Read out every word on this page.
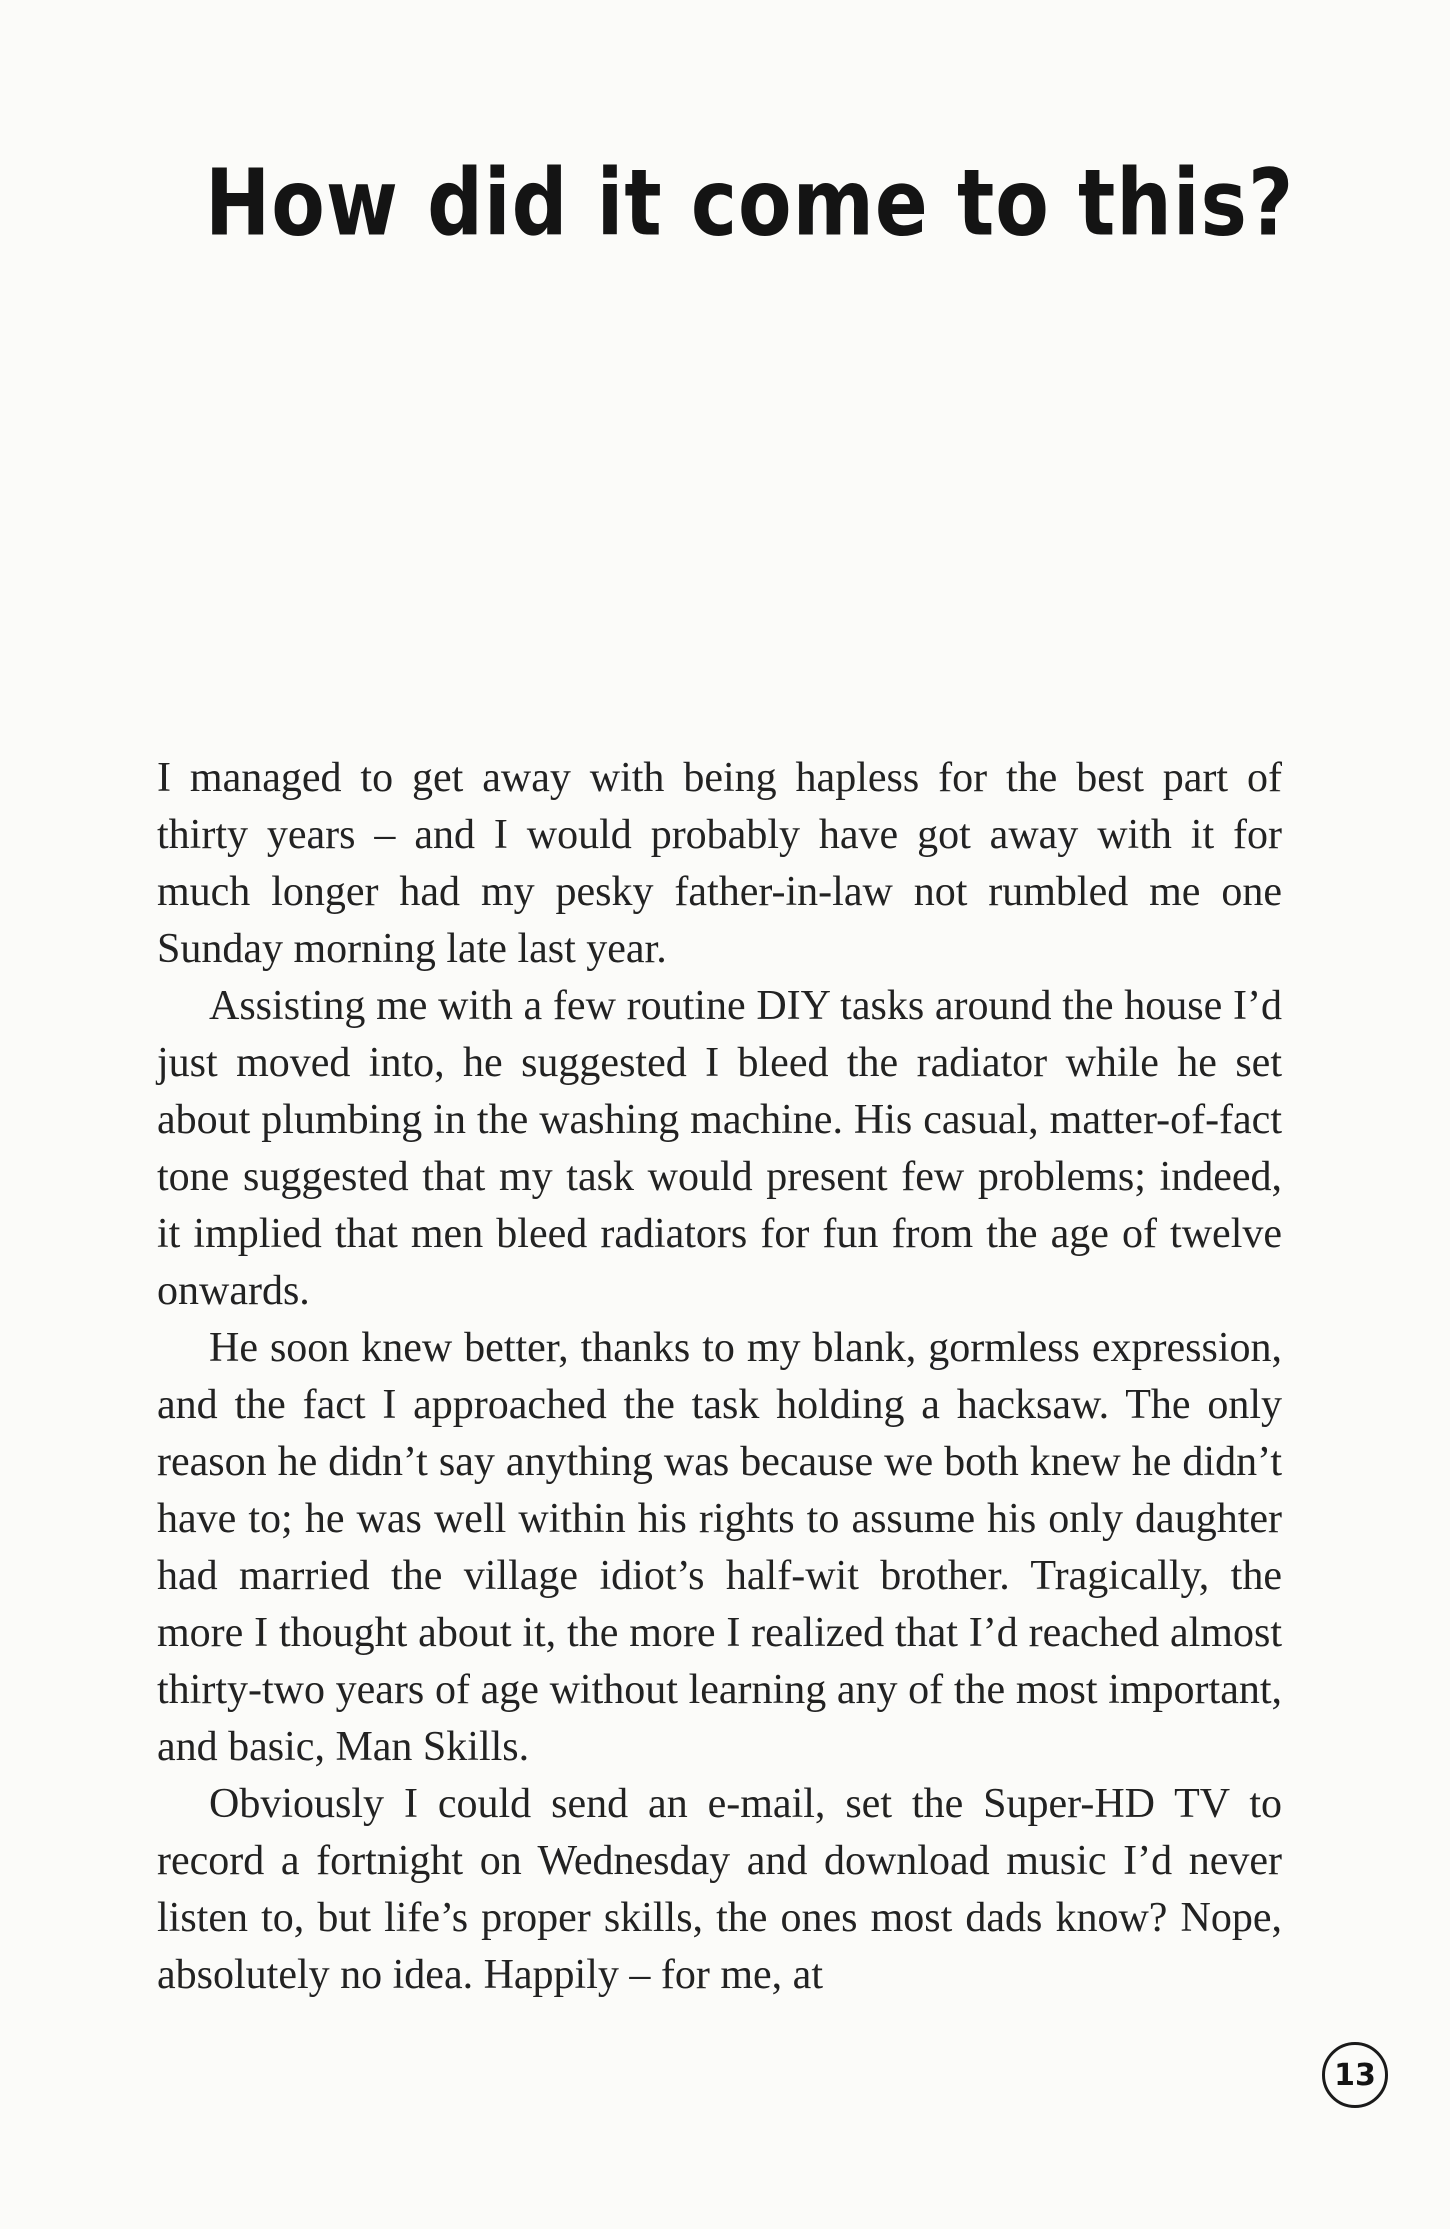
How did it come to this?

I managed to get away with being hapless for the best part of thirty years – and I would probably have got away with it for much longer had my pesky father-in-law not rumbled me one Sunday morning late last year.

Assisting me with a few routine DIY tasks around the house I’d just moved into, he suggested I bleed the radiator while he set about plumbing in the washing machine. His casual, matter-of-fact tone suggested that my task would present few problems; indeed, it implied that men bleed radiators for fun from the age of twelve onwards.

He soon knew better, thanks to my blank, gormless expression, and the fact I approached the task holding a hacksaw. The only reason he didn’t say anything was because we both knew he didn’t have to; he was well within his rights to assume his only daughter had married the village idiot’s half-wit brother. Tragically, the more I thought about it, the more I realized that I’d reached almost thirty-two years of age without learning any of the most important, and basic, Man Skills.

Obviously I could send an e-mail, set the Super-HD TV to record a fortnight on Wednesday and download music I’d never listen to, but life’s proper skills, the ones most dads know? Nope, absolutely no idea. Happily – for me, at

13
